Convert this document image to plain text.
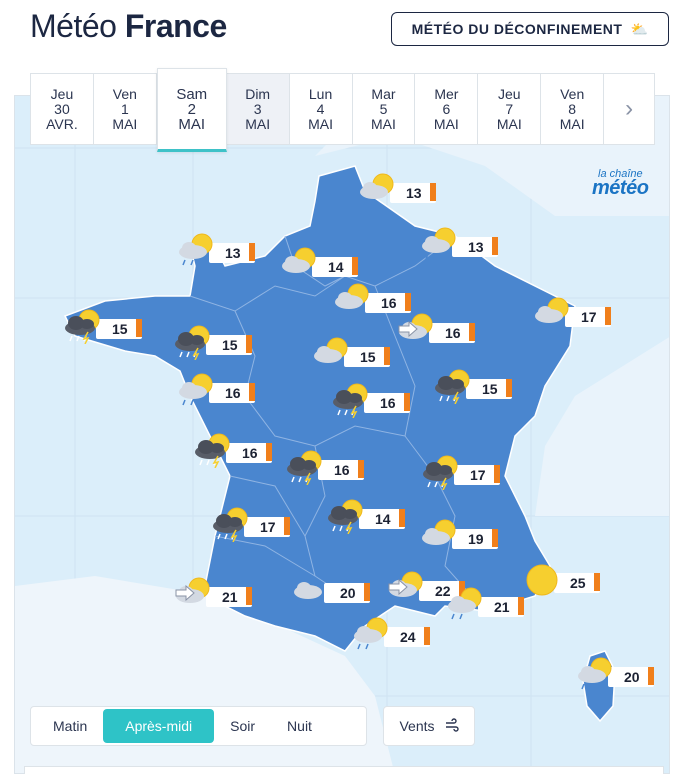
Météo France	MÉTÉO DU DÉCONFINEMENT ⛅
Jeu
30
AVR.
Ven
1
MAI
Sam
2
MAI
Dim
3
MAI
Lun
4
MAI
Mar
5
MAI
Mer
6
MAI
Jeu
7
MAI
Ven
8
MAI
›
la chaîne
météo
13
13
14
13
16
17
15
15
15
16
16
16
15
16
16	17
17	14
19
21	20	22
21
25
24
20
Matin	Après-midi	Soir	Nuit	Vents
